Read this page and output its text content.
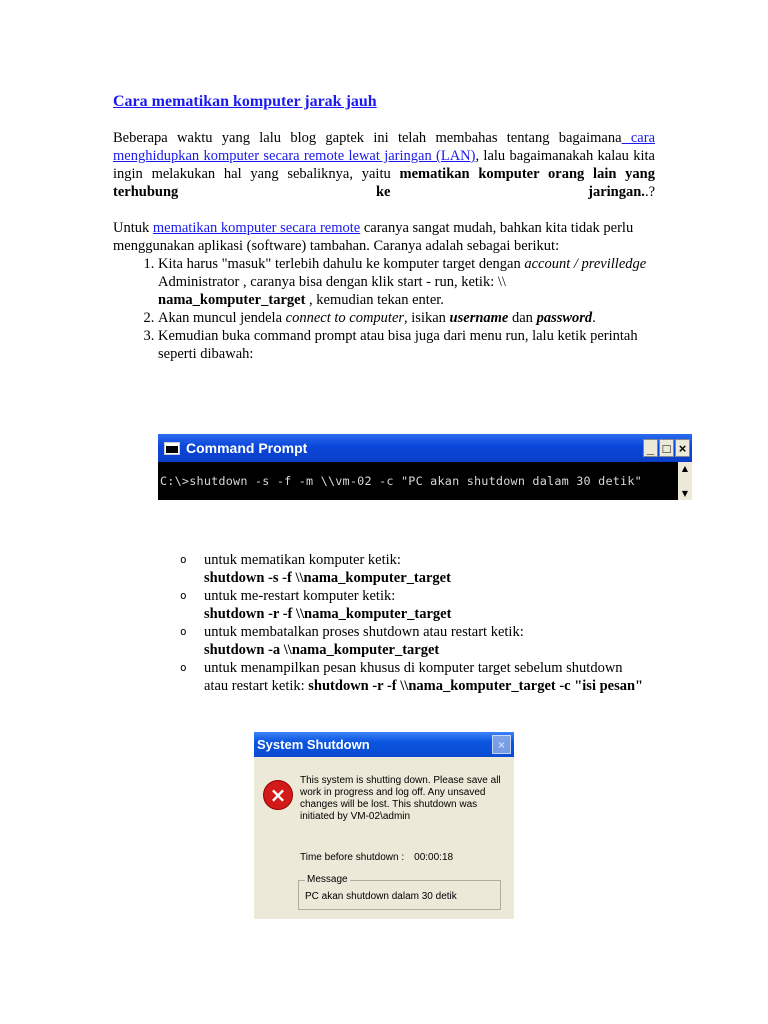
Cara mematikan komputer jarak jauh

Beberapa waktu yang lalu blog gaptek ini telah membahas tentang bagaimana cara menghidupkan komputer secara remote lewat jaringan (LAN), lalu bagaimanakah kalau kita ingin melakukan hal yang sebaliknya, yaitu mematikan komputer orang lain yang terhubung ke jaringan..?

Untuk mematikan komputer secara remote caranya sangat mudah, bahkan kita tidak perlu menggunakan aplikasi (software) tambahan. Caranya adalah sebagai berikut:

1. Kita harus "masuk" terlebih dahulu ke komputer target dengan account / previlledge Administrator , caranya bisa dengan klik start - run, ketik: \\ nama_komputer_target , kemudian tekan enter.
2. Akan muncul jendela connect to computer, isikan username dan password.
3. Kemudian buka command prompt atau bisa juga dari menu run, lalu ketik perintah seperti dibawah:
Command Prompt	_ □ ×
C:\>shutdown -s -f -m \\vm-02 -c "PC akan shutdown dalam 30 detik"
▲
▼
o untuk mematikan komputer ketik:
shutdown -s -f \\nama_komputer_target
o untuk me-restart komputer ketik:
shutdown -r -f \\nama_komputer_target
o untuk membatalkan proses shutdown atau restart ketik:
shutdown -a \\nama_komputer_target
o untuk menampilkan pesan khusus di komputer target sebelum shutdown atau restart ketik: shutdown -r -f \\nama_komputer_target -c "isi pesan"
System Shutdown	×
×
This system is shutting down. Please save all work in progress and log off. Any unsaved changes will be lost. This shutdown was initiated by VM-02\admin
Time before shutdown : 00:00:18
Message
PC akan shutdown dalam 30 detik
